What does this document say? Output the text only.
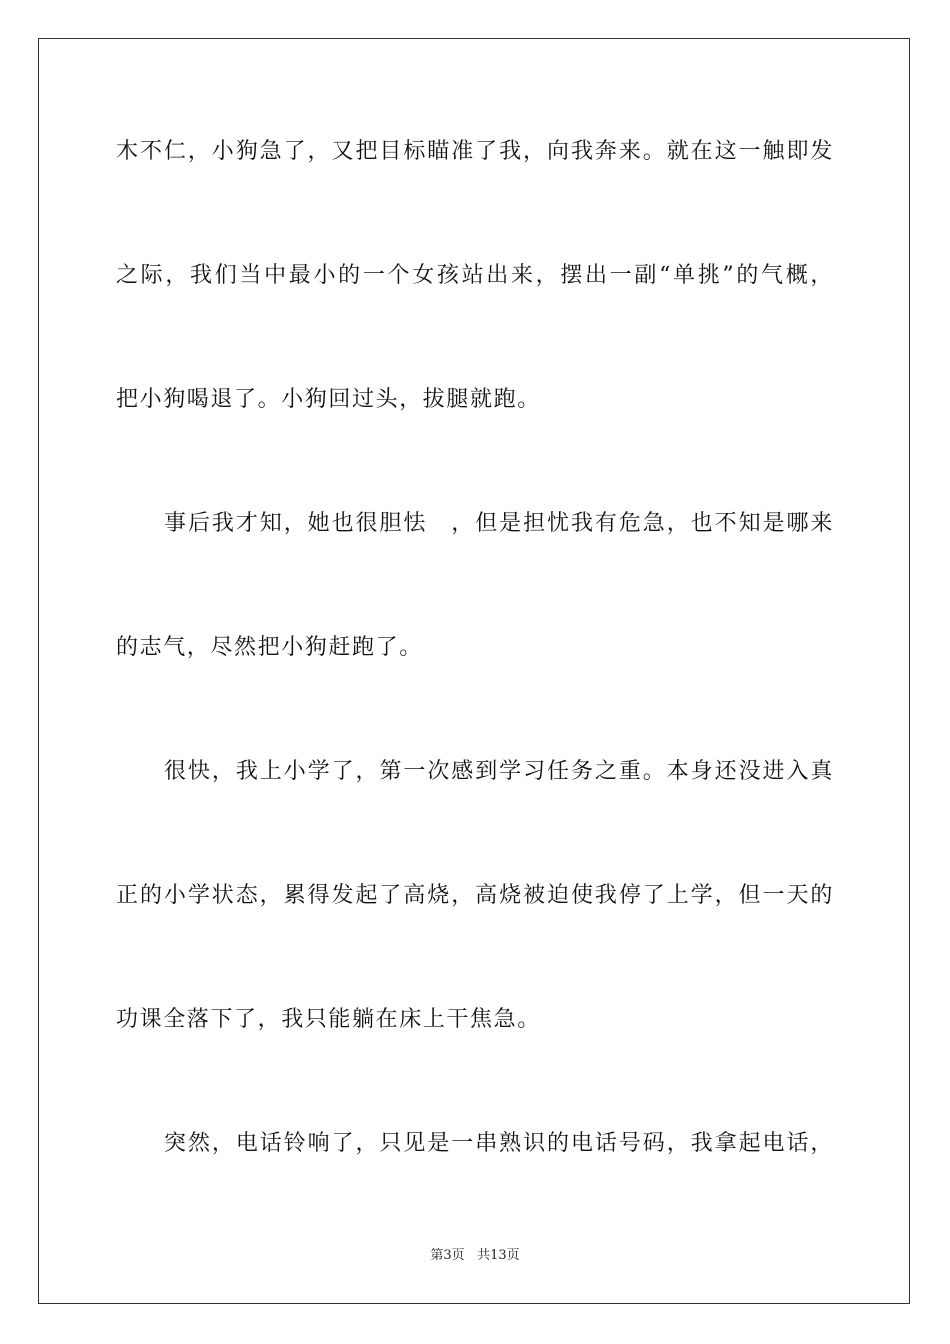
木不仁，小狗急了，又把目标瞄准了我，向我奔来。就在这一触即发
之际，我们当中最小的一个女孩站出来，摆出一副“单挑”的气概，
把小狗喝退了。小狗回过头，拔腿就跑。
事后我才知，她也很胆怯　，但是担忧我有危急，也不知是哪来
的志气，尽然把小狗赶跑了。
很快，我上小学了，第一次感到学习任务之重。本身还没进入真
正的小学状态，累得发起了高烧，高烧被迫使我停了上学，但一天的
功课全落下了，我只能躺在床上干焦急。
突然，电话铃响了，只见是一串熟识的电话号码，我拿起电话，
第3页 共13页
